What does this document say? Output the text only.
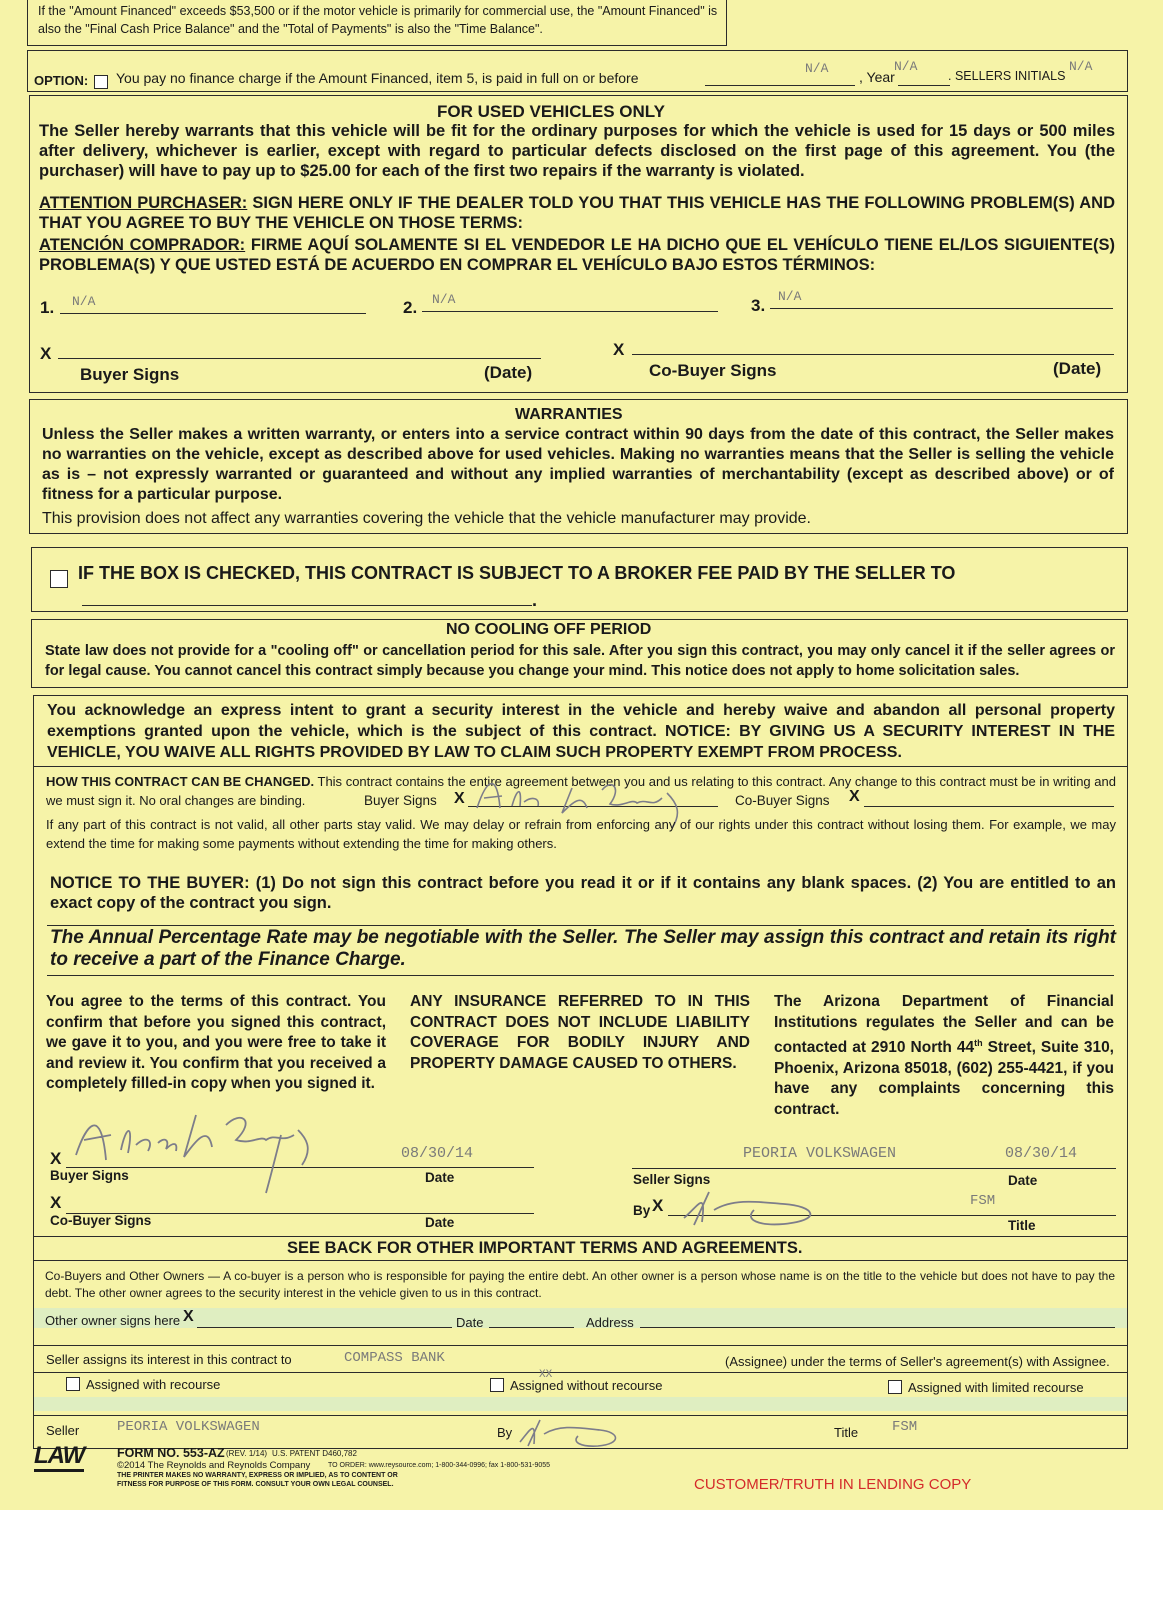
If the "Amount Financed" exceeds $53,500 or if the motor vehicle is primarily for commercial use, the "Amount Financed" is also the "Final Cash Price Balance" and the "Total of Payments" is also the "Time Balance".
OPTION: You pay no finance charge if the Amount Financed, item 5, is paid in full on or before
N/A
, Year
N/A
. SELLERS INITIALS
N/A
FOR USED VEHICLES ONLY
The Seller hereby warrants that this vehicle will be fit for the ordinary purposes for which the vehicle is used for 15 days or 500 miles after delivery, whichever is earlier, except with regard to particular defects disclosed on the first page of this agreement. You (the purchaser) will have to pay up to $25.00 for each of the first two repairs if the warranty is violated.
ATTENTION PURCHASER: SIGN HERE ONLY IF THE DEALER TOLD YOU THAT THIS VEHICLE HAS THE FOLLOWING PROBLEM(S) AND THAT YOU AGREE TO BUY THE VEHICLE ON THOSE TERMS:
ATENCIÓN COMPRADOR: FIRME AQUÍ SOLAMENTE SI EL VENDEDOR LE HA DICHO QUE EL VEHÍCULO TIENE EL/LOS SIGUIENTE(S) PROBLEMA(S) Y QUE USTED ESTÁ DE ACUERDO EN COMPRAR EL VEHÍCULO BAJO ESTOS TÉRMINOS:
1. N/A	2. N/A	3. N/A
X
Buyer Signs	(Date)
X
Co-Buyer Signs	(Date)
WARRANTIES
Unless the Seller makes a written warranty, or enters into a service contract within 90 days from the date of this contract, the Seller makes no warranties on the vehicle, except as described above for used vehicles. Making no warranties means that the Seller is selling the vehicle as is – not expressly warranted or guaranteed and without any implied warranties of merchantability (except as described above) or of fitness for a particular purpose.
This provision does not affect any warranties covering the vehicle that the vehicle manufacturer may provide.
IF THE BOX IS CHECKED, THIS CONTRACT IS SUBJECT TO A BROKER FEE PAID BY THE SELLER TO
.
NO COOLING OFF PERIOD
State law does not provide for a "cooling off" or cancellation period for this sale. After you sign this contract, you may only cancel it if the seller agrees or for legal cause. You cannot cancel this contract simply because you change your mind. This notice does not apply to home solicitation sales.
You acknowledge an express intent to grant a security interest in the vehicle and hereby waive and abandon all personal property exemptions granted upon the vehicle, which is the subject of this contract. NOTICE: BY GIVING US A SECURITY INTEREST IN THE VEHICLE, YOU WAIVE ALL RIGHTS PROVIDED BY LAW TO CLAIM SUCH PROPERTY EXEMPT FROM PROCESS.
HOW THIS CONTRACT CAN BE CHANGED. This contract contains the entire agreement between you and us relating to this contract. Any change to this contract must be in writing and we must sign it. No oral changes are binding.	Buyer Signs X	Co-Buyer Signs X
If any part of this contract is not valid, all other parts stay valid. We may delay or refrain from enforcing any of our rights under this contract without losing them. For example, we may extend the time for making some payments without extending the time for making others.
NOTICE TO THE BUYER: (1) Do not sign this contract before you read it or if it contains any blank spaces. (2) You are entitled to an exact copy of the contract you sign.
The Annual Percentage Rate may be negotiable with the Seller. The Seller may assign this contract and retain its right to receive a part of the Finance Charge.
You agree to the terms of this contract. You confirm that before you signed this contract, we gave it to you, and you were free to take it and review it. You confirm that you received a completely filled-in copy when you signed it.
ANY INSURANCE REFERRED TO IN THIS CONTRACT DOES NOT INCLUDE LIABILITY COVERAGE FOR BODILY INJURY AND PROPERTY DAMAGE CAUSED TO OTHERS.
The Arizona Department of Financial Institutions regulates the Seller and can be contacted at 2910 North 44th Street, Suite 310, Phoenix, Arizona 85018, (602) 255-4421, if you have any complaints concerning this contract.
X
Buyer Signs
08/30/14
Date
X
Co-Buyer Signs	Date
PEORIA VOLKSWAGEN	08/30/14
Seller Signs	Date
By X	FSM
Title
SEE BACK FOR OTHER IMPORTANT TERMS AND AGREEMENTS.
Co-Buyers and Other Owners — A co-buyer is a person who is responsible for paying the entire debt. An other owner is a person whose name is on the title to the vehicle but does not have to pay the debt. The other owner agrees to the security interest in the vehicle given to us in this contract.
Other owner signs here X	Date	Address
Seller assigns its interest in this contract to	COMPASS BANK	(Assignee) under the terms of Seller's agreement(s) with Assignee.
Assigned with recourse	Assigned without recourse
XX
Assigned with limited recourse
Seller	PEORIA VOLKSWAGEN	By	Title FSM
LAW	FORM NO. 553-AZ (REV. 1/14) U.S. PATENT D460,782
©2014 The Reynolds and Reynolds Company	TO ORDER: www.reysource.com; 1-800-344-0996; fax 1-800-531-9055
THE PRINTER MAKES NO WARRANTY, EXPRESS OR IMPLIED, AS TO CONTENT OR
FITNESS FOR PURPOSE OF THIS FORM. CONSULT YOUR OWN LEGAL COUNSEL.	CUSTOMER/TRUTH IN LENDING COPY
